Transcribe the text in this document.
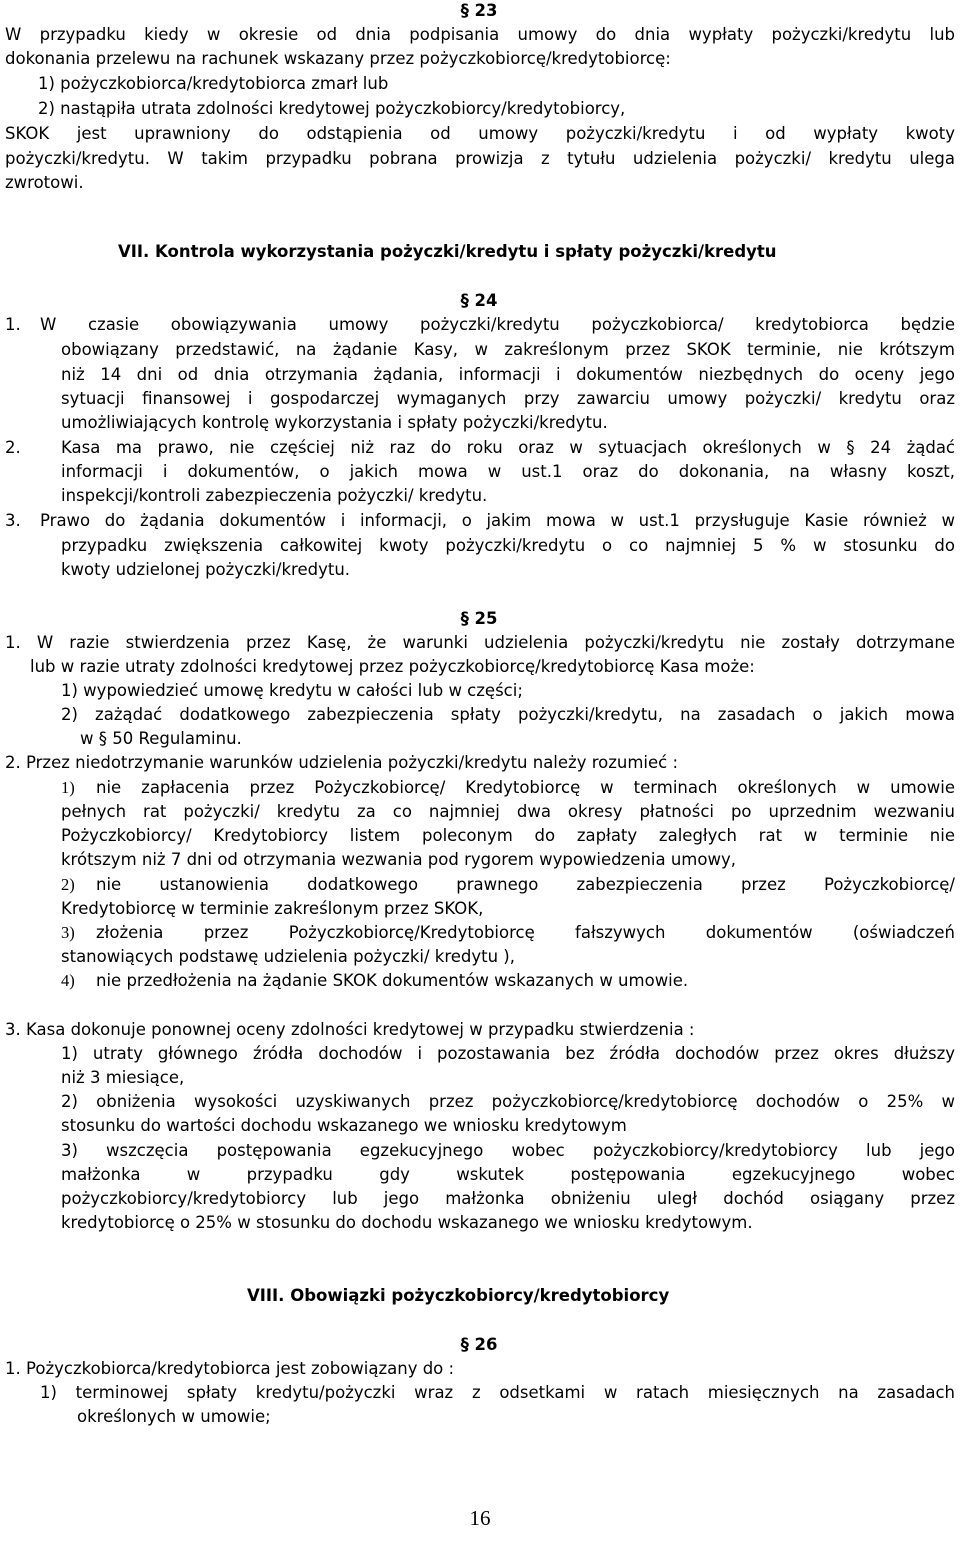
§ 23
W przypadku kiedy w okresie od dnia podpisania umowy do dnia wypłaty pożyczki/kredytu lub
dokonania przelewu na rachunek wskazany przez pożyczkobiorcę/kredytobiorcę:
1) pożyczkobiorca/kredytobiorca zmarł lub
2) nastąpiła utrata zdolności kredytowej pożyczkobiorcy/kredytobiorcy,
SKOK jest uprawniony do odstąpienia od umowy pożyczki/kredytu i od wypłaty kwoty
pożyczki/kredytu. W takim przypadku pobrana prowizja z tytułu udzielenia pożyczki/ kredytu ulega
zwrotowi.
VII. Kontrola wykorzystania pożyczki/kredytu i spłaty pożyczki/kredytu
§ 24
1. W czasie obowiązywania umowy pożyczki/kredytu pożyczkobiorca/ kredytobiorca będzie
obowiązany przedstawić, na żądanie Kasy, w zakreślonym przez SKOK terminie, nie krótszym
niż 14 dni od dnia otrzymania żądania, informacji i dokumentów niezbędnych do oceny jego
sytuacji finansowej i gospodarczej wymaganych przy zawarciu umowy pożyczki/ kredytu oraz
umożliwiających kontrolę wykorzystania i spłaty pożyczki/kredytu.
2. Kasa ma prawo, nie częściej niż raz do roku oraz w sytuacjach określonych w § 24 żądać
informacji i dokumentów, o jakich mowa w ust.1 oraz do dokonania, na własny koszt,
inspekcji/kontroli zabezpieczenia pożyczki/ kredytu.
3. Prawo do żądania dokumentów i informacji, o jakim mowa w ust.1 przysługuje Kasie również w
przypadku zwiększenia całkowitej kwoty pożyczki/kredytu o co najmniej 5 % w stosunku do
kwoty udzielonej pożyczki/kredytu.
§ 25
1. W razie stwierdzenia przez Kasę, że warunki udzielenia pożyczki/kredytu nie zostały dotrzymane
lub w razie utraty zdolności kredytowej przez pożyczkobiorcę/kredytobiorcę Kasa może:
1) wypowiedzieć umowę kredytu w całości lub w części;
2) zażądać dodatkowego zabezpieczenia spłaty pożyczki/kredytu, na zasadach o jakich mowa
w § 50 Regulaminu.
2. Przez niedotrzymanie warunków udzielenia pożyczki/kredytu należy rozumieć :
1) nie zapłacenia przez Pożyczkobiorcę/ Kredytobiorcę w terminach określonych w umowie
pełnych rat pożyczki/ kredytu za co najmniej dwa okresy płatności po uprzednim wezwaniu
Pożyczkobiorcy/ Kredytobiorcy listem poleconym do zapłaty zaległych rat w terminie nie
krótszym niż 7 dni od otrzymania wezwania pod rygorem wypowiedzenia umowy,
2) nie ustanowienia dodatkowego prawnego zabezpieczenia przez Pożyczkobiorcę/
Kredytobiorcę w terminie zakreślonym przez SKOK,
3) złożenia przez Pożyczkobiorcę/Kredytobiorcę fałszywych dokumentów (oświadczeń
stanowiących podstawę udzielenia pożyczki/ kredytu ),
4) nie przedłożenia na żądanie SKOK dokumentów wskazanych w umowie.
3. Kasa dokonuje ponownej oceny zdolności kredytowej w przypadku stwierdzenia :
1) utraty głównego źródła dochodów i pozostawania bez źródła dochodów przez okres dłuższy
niż 3 miesiące,
2) obniżenia wysokości uzyskiwanych przez pożyczkobiorcę/kredytobiorcę dochodów o 25% w
stosunku do wartości dochodu wskazanego we wniosku kredytowym
3) wszczęcia postępowania egzekucyjnego wobec pożyczkobiorcy/kredytobiorcy lub jego
małżonka w przypadku gdy wskutek postępowania egzekucyjnego wobec
pożyczkobiorcy/kredytobiorcy lub jego małżonka obniżeniu uległ dochód osiągany przez
kredytobiorcę o 25% w stosunku do dochodu wskazanego we wniosku kredytowym.
VIII. Obowiązki pożyczkobiorcy/kredytobiorcy
§ 26
1. Pożyczkobiorca/kredytobiorca jest zobowiązany do :
1) terminowej spłaty kredytu/pożyczki wraz z odsetkami w ratach miesięcznych na zasadach
określonych w umowie;
16
